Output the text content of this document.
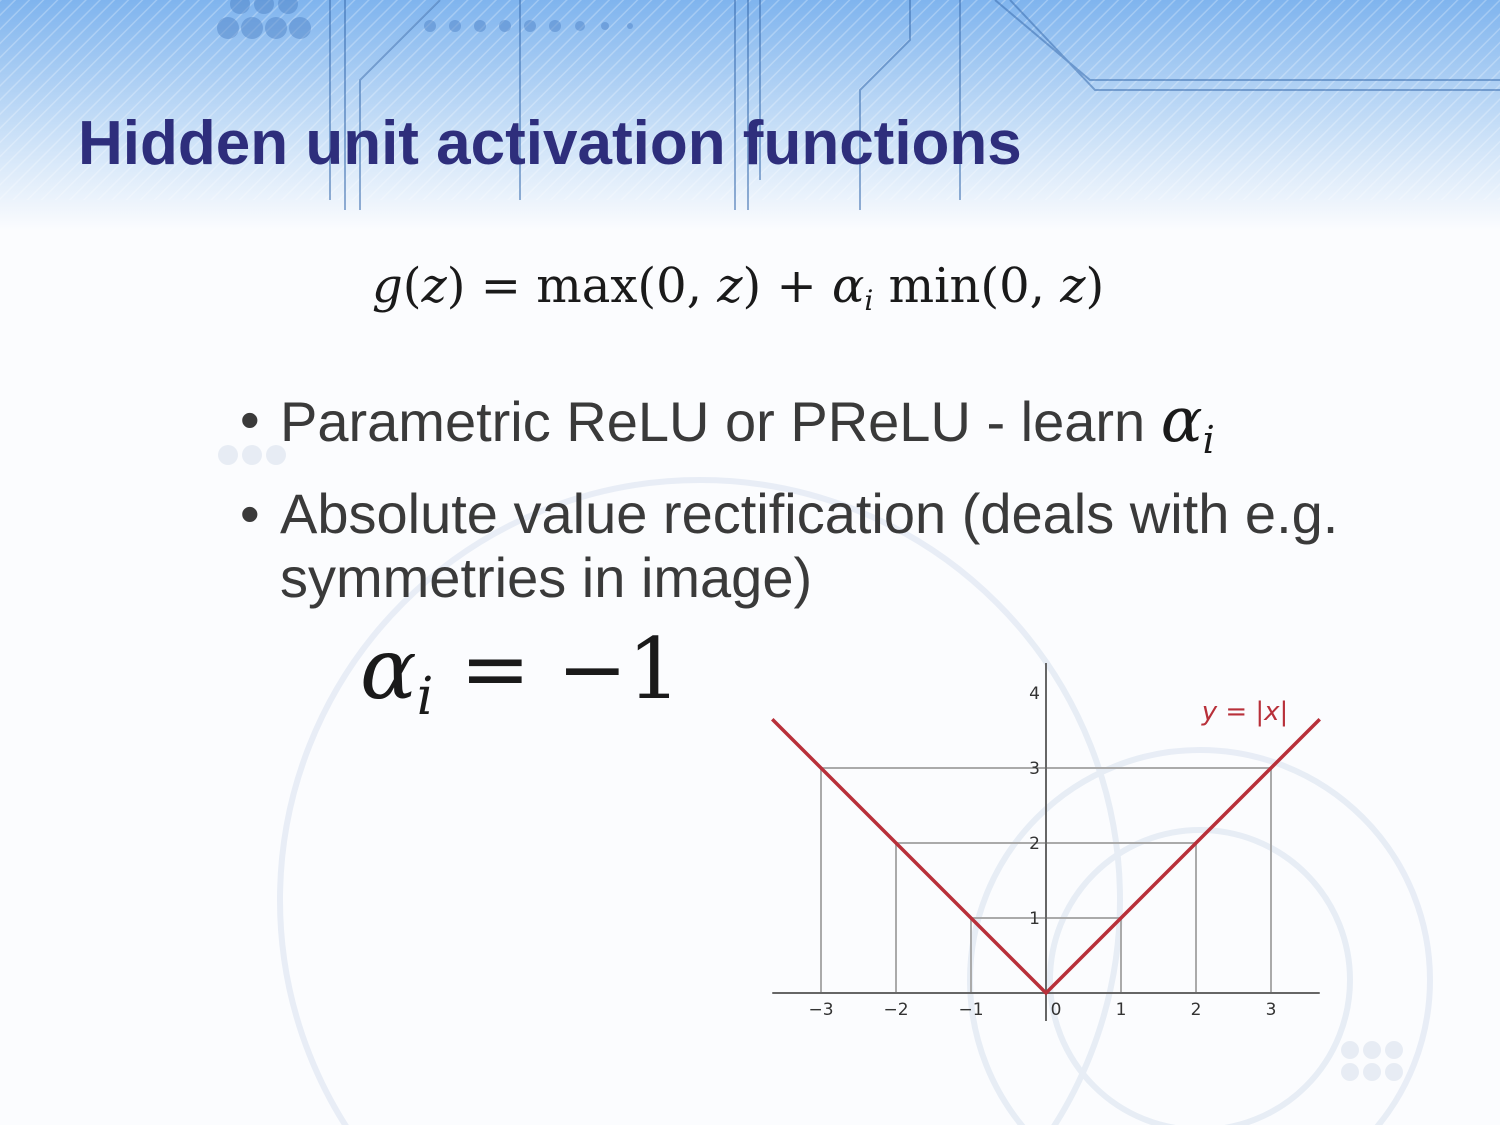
Hidden unit activation functions
g(z) = max(0, $z) + \alpha_i$ min(0, z)
• Parametric ReLU or PReLU - learn $\alpha_i$
• Absolute value rectification (deals with e.g. symmetries in image)
$\alpha_i = -1$
−3	−2	−1	0	1	2	3
1
2
3
4
y = |x|
